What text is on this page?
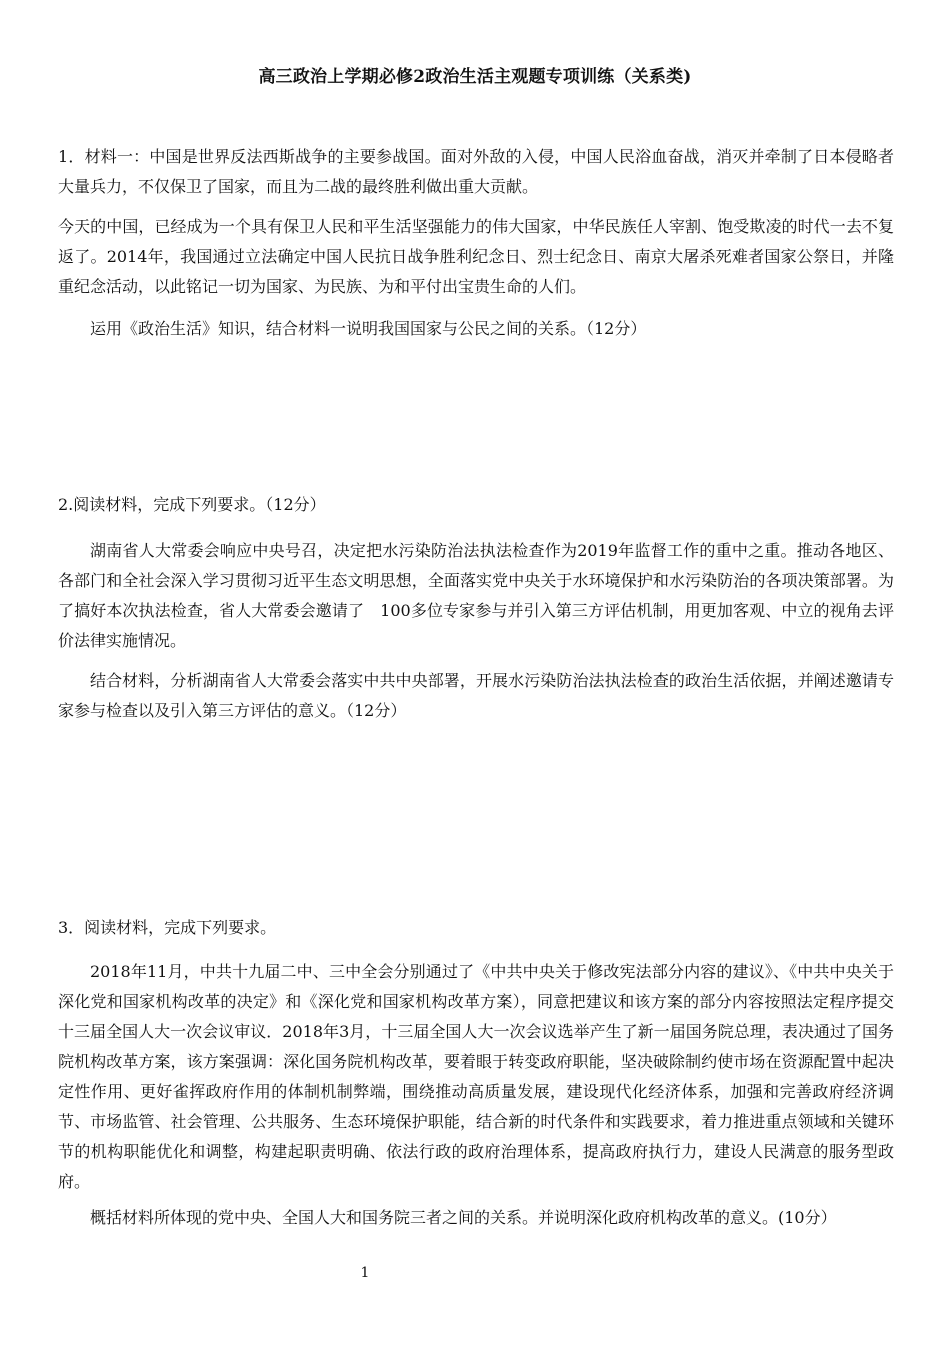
高三政治上学期必修2政治生活主观题专项训练（关系类)
1．材料一：中国是世界反法西斯战争的主要参战国。面对外敌的入侵，中国人民浴血奋战，消灭并牵制了日本侵略者大量兵力，不仅保卫了国家，而且为二战的最终胜利做出重大贡献。
今天的中国，已经成为一个具有保卫人民和平生活坚强能力的伟大国家，中华民族任人宰割、饱受欺凌的时代一去不复返了。2014年，我国通过立法确定中国人民抗日战争胜利纪念日、烈士纪念日、南京大屠杀死难者国家公祭日，并隆重纪念活动，以此铭记一切为国家、为民族、为和平付出宝贵生命的人们。
运用《政治生活》知识，结合材料一说明我国国家与公民之间的关系。（12分）
2.阅读材料，完成下列要求。（12分）
湖南省人大常委会响应中央号召，决定把水污染防治法执法检查作为2019年监督工作的重中之重。推动各地区、各部门和全社会深入学习贯彻习近平生态文明思想，全面落实党中央关于水环境保护和水污染防治的各项决策部署。为了搞好本次执法检查，省人大常委会邀请了　100多位专家参与并引入第三方评估机制，用更加客观、中立的视角去评价法律实施情况。
结合材料，分析湖南省人大常委会落实中共中央部署，开展水污染防治法执法检查的政治生活依据，并阐述邀请专家参与检查以及引入第三方评估的意义。（12分）
3．阅读材料，完成下列要求。
2018年11月，中共十九届二中、三中全会分别通过了《中共中央关于修改宪法部分内容的建议》、《中共中央关于深化党和国家机构改革的决定》和《深化党和国家机构改革方案），同意把建议和该方案的部分内容按照法定程序提交十三届全国人大一次会议审议．2018年3月，十三届全国人大一次会议选举产生了新一届国务院总理，表决通过了国务院机构改革方案，该方案强调：深化国务院机构改革，要着眼于转变政府职能，坚决破除制约使市场在资源配置中起决定性作用、更好雀挥政府作用的体制机制弊端，围绕推动高质量发展，建设现代化经济体系，加强和完善政府经济调节、市场监管、社会管理、公共服务、生态环境保护职能，结合新的时代条件和实践要求，着力推进重点领域和关键环节的机构职能优化和调整，构建起职责明确、依法行政的政府治理体系，提高政府执行力，建设人民满意的服务型政府。
概括材料所体现的党中央、全国人大和国务院三者之间的关系。并说明深化政府机构改革的意义。(10分）
1
